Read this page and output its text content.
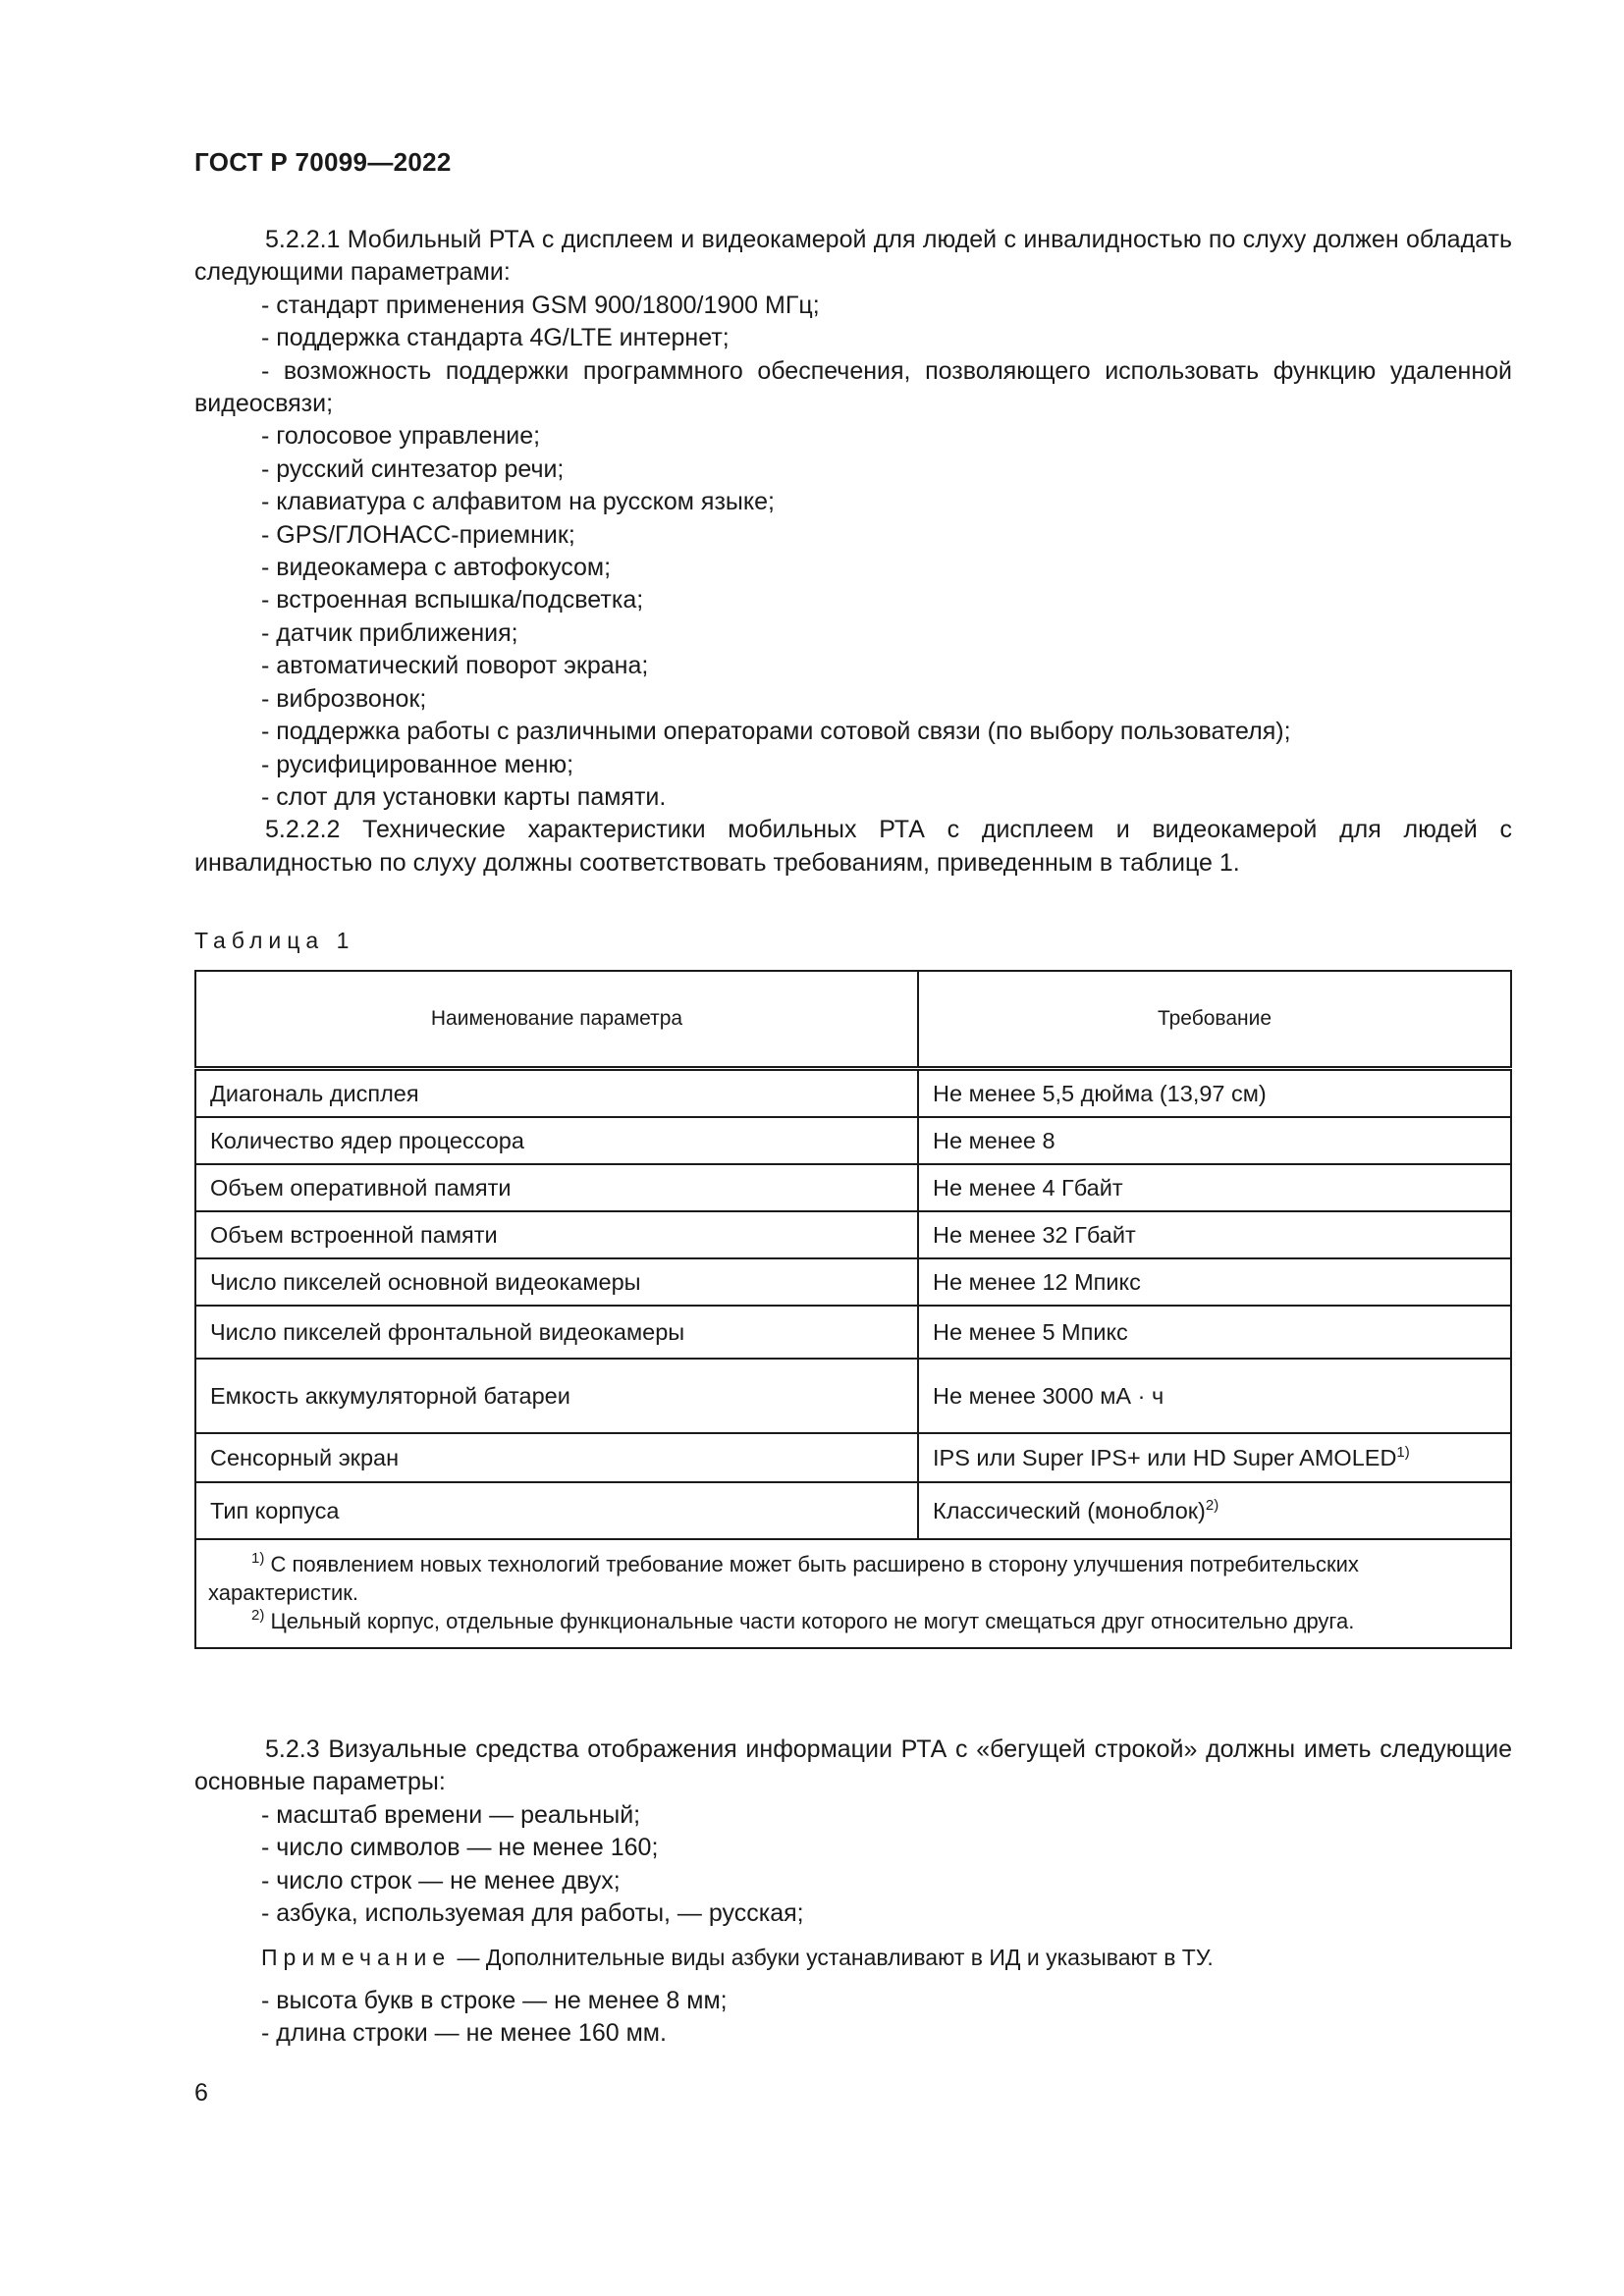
ГОСТ Р 70099—2022

5.2.2.1 Мобильный РТА с дисплеем и видеокамерой для людей с инвалидностью по слуху должен обладать следующими параметрами:

- стандарт применения GSM 900/1800/1900 МГц;

- поддержка стандарта 4G/LTE интернет;

- возможность поддержки программного обеспечения, позволяющего использовать функцию удаленной видеосвязи;

- голосовое управление;

- русский синтезатор речи;

- клавиатура с алфавитом на русском языке;

- GPS/ГЛОНАСС-приемник;

- видеокамера с автофокусом;

- встроенная вспышка/подсветка;

- датчик приближения;

- автоматический поворот экрана;

- виброзвонок;

- поддержка работы с различными операторами сотовой связи (по выбору пользователя);

- русифицированное меню;

- слот для установки карты памяти.

5.2.2.2 Технические характеристики мобильных РТА с дисплеем и видеокамерой для людей с инвалидностью по слуху должны соответствовать требованиям, приведенным в таблице 1.

Таблица 1
Наименование параметра	Требование
Диагональ дисплея	Не менее 5,5 дюйма (13,97 см)
Количество ядер процессора	Не менее 8
Объем оперативной памяти	Не менее 4 Гбайт
Объем встроенной памяти	Не менее 32 Гбайт
Число пикселей основной видеокамеры	Не менее 12 Мпикс
Число пикселей фронтальной видеокамеры	Не менее 5 Мпикс
Емкость аккумуляторной батареи	Не менее 3000 мА · ч
Сенсорный экран	IPS или Super IPS+ или HD Super AMOLED$^{1)}$
Тип корпуса	Классический (моноблок)$^{2)}$

$^{1)}$ С появлением новых технологий требование может быть расширено в сторону улучшения потребительских характеристик.

$^{2)}$ Цельный корпус, отдельные функциональные части которого не могут смещаться друг относительно друга.	

5.2.3 Визуальные средства отображения информации РТА с «бегущей строкой» должны иметь следующие основные параметры:

- масштаб времени — реальный;

- число символов — не менее 160;

- число строк — не менее двух;

- азбука, используемая для работы, — русская;

Примечание — Дополнительные виды азбуки устанавливают в ИД и указывают в ТУ.

- высота букв в строке — не менее 8 мм;

- длина строки — не менее 160 мм.

6
